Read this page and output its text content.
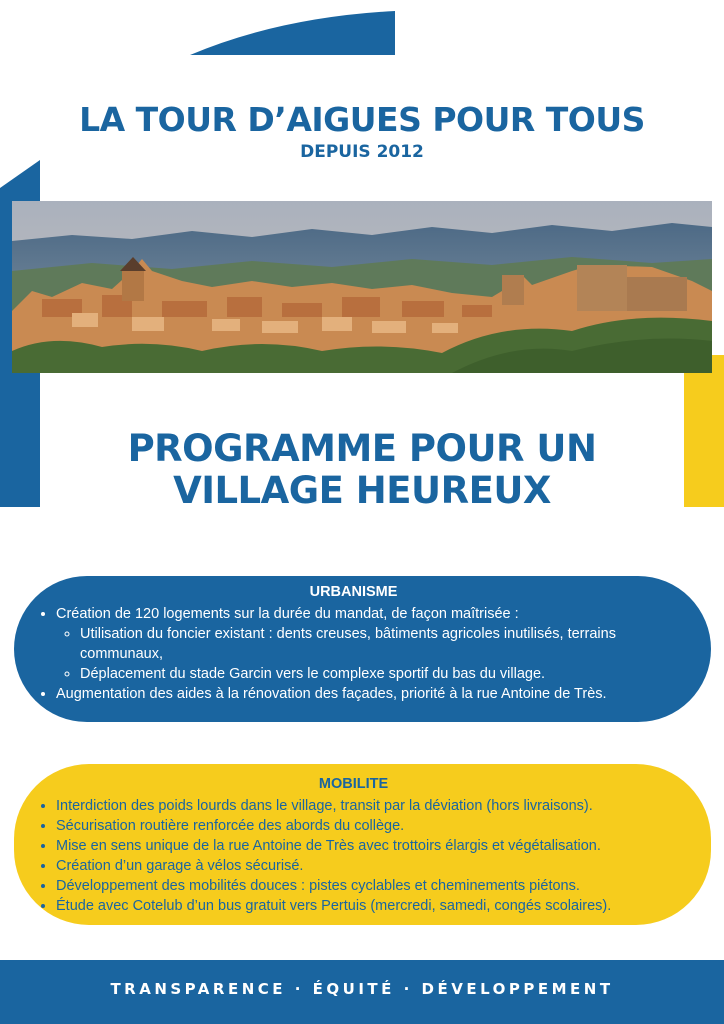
LA TOUR D’AIGUES POUR TOUS
DEPUIS 2012
PROGRAMME POUR UN
VILLAGE HEUREUX
URBANISME
• Création de 120 logements sur la durée du mandat, de façon maîtrisée :
◦ Utilisation du foncier existant : dents creuses, bâtiments agricoles inutilisés, terrains communaux,
◦ Déplacement du stade Garcin vers le complexe sportif du bas du village.
• Augmentation des aides à la rénovation des façades, priorité à la rue Antoine de Très.
MOBILITE
• Interdiction des poids lourds dans le village, transit par la déviation (hors livraisons).
• Sécurisation routière renforcée des abords du collège.
• Mise en sens unique de la rue Antoine de Très avec trottoirs élargis et végétalisation.
• Création d’un garage à vélos sécurisé.
• Développement des mobilités douces : pistes cyclables et cheminements piétons.
• Étude avec Cotelub d’un bus gratuit vers Pertuis (mercredi, samedi, congés scolaires).
TRANSPARENCE · ÉQUITÉ · DÉVELOPPEMENT
